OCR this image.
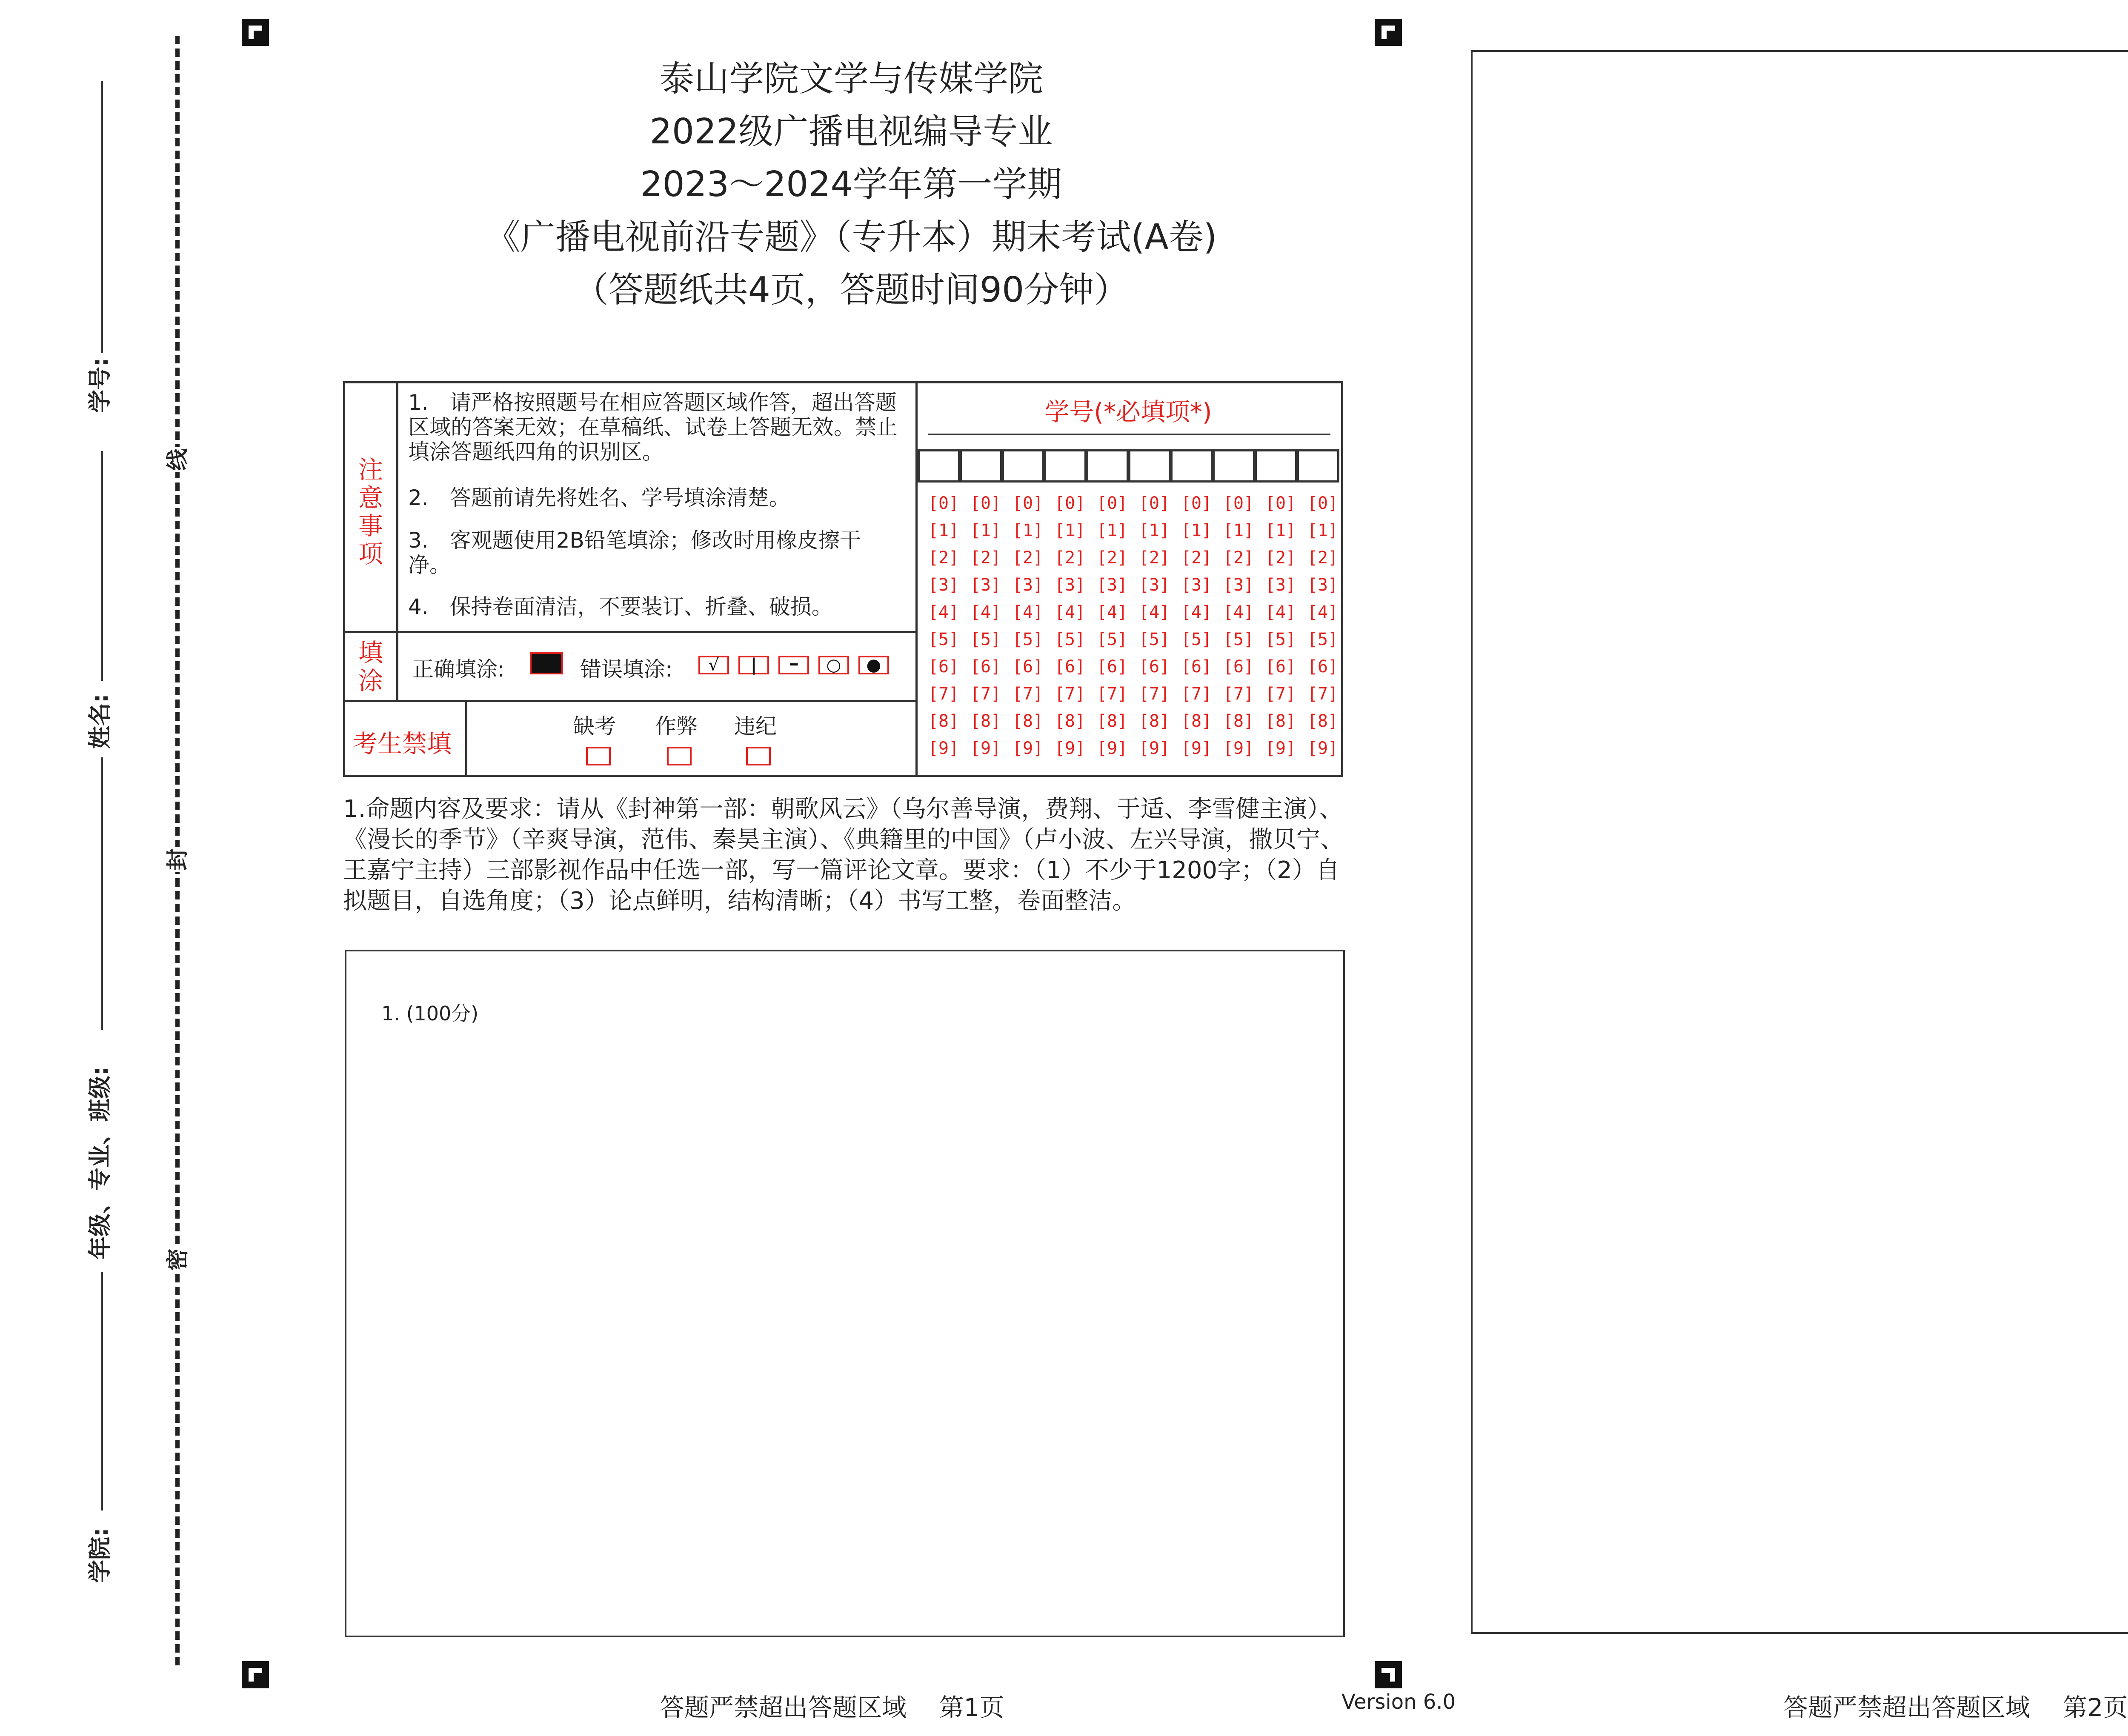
线
封
密
学号:
姓名:
年级、专业、班级:
学院:
泰山学院文学与传媒学院
2022级广播电视编导专业
2023～2024学年第一学期
《广播电视前沿专题》（专升本）期末考试(A卷)
（答题纸共4页，答题时间90分钟）
注
意
事
项
1.　请严格按照题号在相应答题区域作答，超出答题区域的答案无效；在草稿纸、试卷上答题无效。禁止填涂答题纸四角的识别区。
2.　答题前请先将姓名、学号填涂清楚。
3.　客观题使用2B铅笔填涂；修改时用橡皮擦干净。
4.　保持卷面清洁，不要装订、折叠、破损。
填
涂	正确填涂:	错误填涂:	√	|	━	○	●
考生禁填
缺考 作弊 违纪
学号(*必填项*)
[0] [0] [0] [0] [0] [0] [0] [0] [0] [0]
[1] [1] [1] [1] [1] [1] [1] [1] [1] [1]
[2] [2] [2] [2] [2] [2] [2] [2] [2] [2]
[3] [3] [3] [3] [3] [3] [3] [3] [3] [3]
[4] [4] [4] [4] [4] [4] [4] [4] [4] [4]
[5] [5] [5] [5] [5] [5] [5] [5] [5] [5]
[6] [6] [6] [6] [6] [6] [6] [6] [6] [6]
[7] [7] [7] [7] [7] [7] [7] [7] [7] [7]
[8] [8] [8] [8] [8] [8] [8] [8] [8] [8]
[9] [9] [9] [9] [9] [9] [9] [9] [9] [9]
1.命题内容及要求：请从《封神第一部：朝歌风云》（乌尔善导演，费翔、于适、李雪健主演）、《漫长的季节》（辛爽导演，范伟、秦昊主演）、《典籍里的中国》（卢小波、左兴导演，撒贝宁、王嘉宁主持）三部影视作品中任选一部，写一篇评论文章。要求：（1）不少于1200字；（2）自拟题目，自选角度；（3）论点鲜明，结构清晰；（4）书写工整，卷面整洁。
1. (100分)
答题严禁超出答题区域　 第1页	Version 6.0	答题严禁超出答题区域　 第2页
